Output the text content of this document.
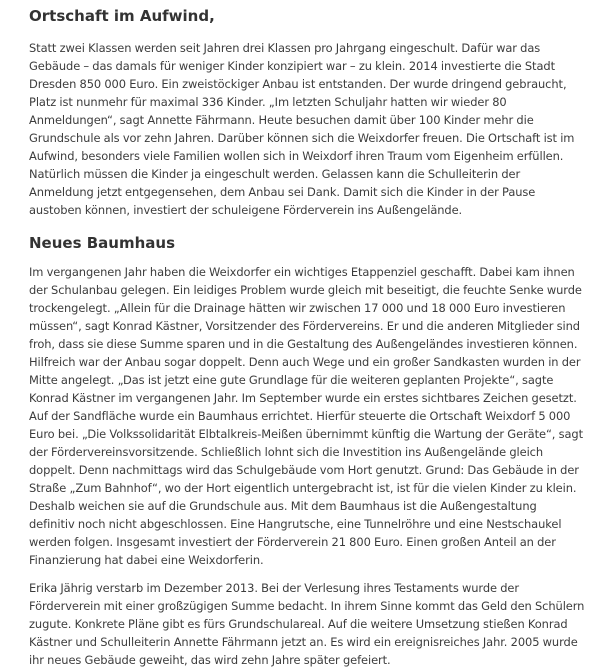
Ortschaft im Aufwind,

Statt zwei Klassen werden seit Jahren drei Klassen pro Jahrgang eingeschult. Dafür war das Gebäude – das damals für weniger Kinder konzipiert war – zu klein. 2014 investierte die Stadt Dresden 850 000 Euro. Ein zweistöckiger Anbau ist entstanden. Der wurde dringend gebraucht, Platz ist nunmehr für maximal 336 Kinder. „Im letzten Schuljahr hatten wir wieder 80 Anmeldungen“, sagt Annette Fährmann. Heute besuchen damit über 100 Kinder mehr die Grundschule als vor zehn Jahren. Darüber können sich die Weixdorfer freuen. Die Ortschaft ist im Aufwind, besonders viele Familien wollen sich in Weixdorf ihren Traum vom Eigenheim erfüllen. Natürlich müssen die Kinder ja eingeschult werden. Gelassen kann die Schulleiterin der Anmeldung jetzt entgegensehen, dem Anbau sei Dank. Damit sich die Kinder in der Pause austoben können, investiert der schuleigene Förderverein ins Außengelände.

Neues Baumhaus

Im vergangenen Jahr haben die Weixdorfer ein wichtiges Etappenziel geschafft. Dabei kam ihnen der Schulanbau gelegen. Ein leidiges Problem wurde gleich mit beseitigt, die feuchte Senke wurde trockengelegt. „Allein für die Drainage hätten wir zwischen 17 000 und 18 000 Euro investieren müssen“, sagt Konrad Kästner, Vorsitzender des Fördervereins. Er und die anderen Mitglieder sind froh, dass sie diese Summe sparen und in die Gestaltung des Außengeländes investieren können. Hilfreich war der Anbau sogar doppelt. Denn auch Wege und ein großer Sandkasten wurden in der Mitte angelegt. „Das ist jetzt eine gute Grundlage für die weiteren geplanten Projekte“, sagte Konrad Kästner im vergangenen Jahr. Im September wurde ein erstes sichtbares Zeichen gesetzt. Auf der Sandfläche wurde ein Baumhaus errichtet. Hierfür steuerte die Ortschaft Weixdorf 5 000 Euro bei. „Die Volkssolidarität Elbtalkreis-Meißen übernimmt künftig die Wartung der Geräte“, sagt der Fördervereinsvorsitzende. Schließlich lohnt sich die Investition ins Außengelände gleich doppelt. Denn nachmittags wird das Schulgebäude vom Hort genutzt. Grund: Das Gebäude in der Straße „Zum Bahnhof“, wo der Hort eigentlich untergebracht ist, ist für die vielen Kinder zu klein. Deshalb weichen sie auf die Grundschule aus. Mit dem Baumhaus ist die Außengestaltung definitiv noch nicht abgeschlossen. Eine Hangrutsche, eine Tunnelröhre und eine Nestschaukel werden folgen. Insgesamt investiert der Förderverein 21 800 Euro. Einen großen Anteil an der Finanzierung hat dabei eine Weixdorferin.

Erika Jährig verstarb im Dezember 2013. Bei der Verlesung ihres Testaments wurde der Förderverein mit einer großzügigen Summe bedacht. In ihrem Sinne kommt das Geld den Schülern zugute. Konkrete Pläne gibt es fürs Grundschulareal. Auf die weitere Umsetzung stießen Konrad Kästner und Schulleiterin Annette Fährmann jetzt an. Es wird ein ereignisreiches Jahr. 2005 wurde ihr neues Gebäude geweiht, das wird zehn Jahre später gefeiert.
